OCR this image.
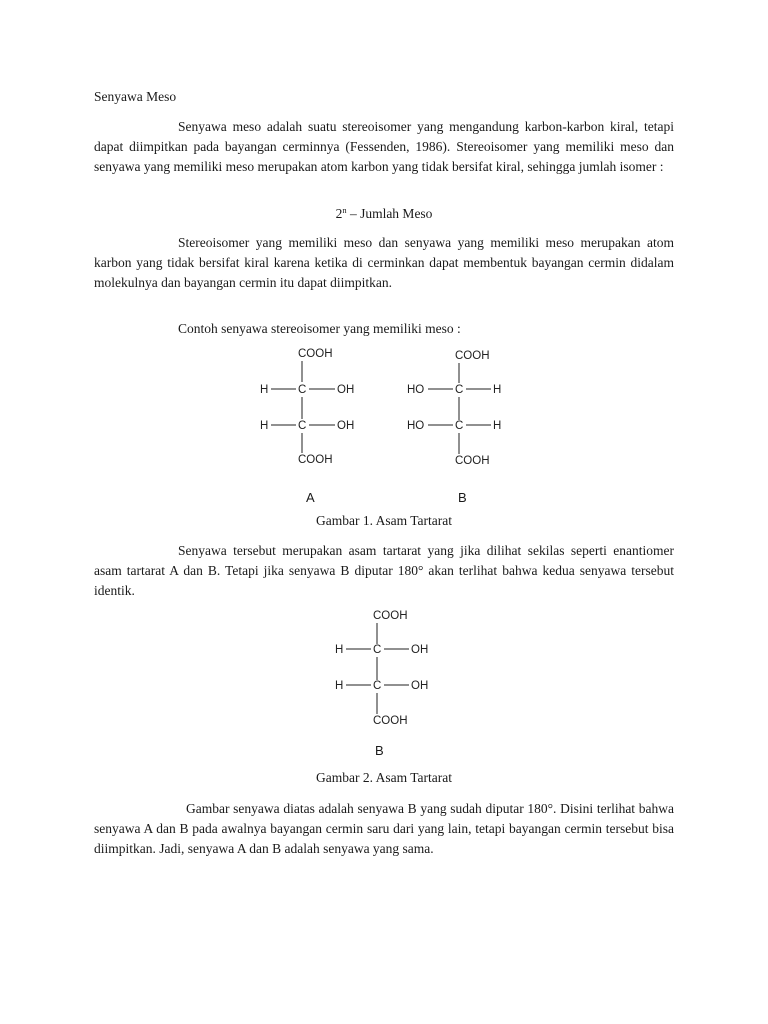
Senyawa Meso

Senyawa meso adalah suatu stereoisomer yang mengandung karbon-karbon kiral, tetapi dapat diimpitkan pada bayangan cerminnya (Fessenden, 1986). Stereoisomer yang memiliki meso dan senyawa yang memiliki meso merupakan atom karbon yang tidak bersifat kiral, sehingga jumlah isomer :

2$^n$ – Jumlah Meso

Stereoisomer yang memiliki meso dan senyawa yang memiliki meso merupakan atom karbon yang tidak bersifat kiral karena ketika di cerminkan dapat membentuk bayangan cermin didalam molekulnya dan bayangan cermin itu dapat diimpitkan.

Contoh senyawa stereoisomer yang memiliki meso :
COOH
H	C	OH
H	C	OH
COOH
COOH
HO	C	H
HO	C	H
COOH
A	B
Gambar 1. Asam Tartarat

Senyawa tersebut merupakan asam tartarat yang jika dilihat sekilas seperti enantiomer asam tartarat A dan B. Tetapi jika senyawa B diputar 180° akan terlihat bahwa kedua senyawa tersebut identik.

COOH
H	C	OH
H	C	OH
COOH
B
Gambar 2. Asam Tartarat

Gambar senyawa diatas adalah senyawa B yang sudah diputar 180°. Disini terlihat bahwa senyawa A dan B pada awalnya bayangan cermin saru dari yang lain, tetapi bayangan cermin tersebut bisa diimpitkan. Jadi, senyawa A dan B adalah senyawa yang sama.
